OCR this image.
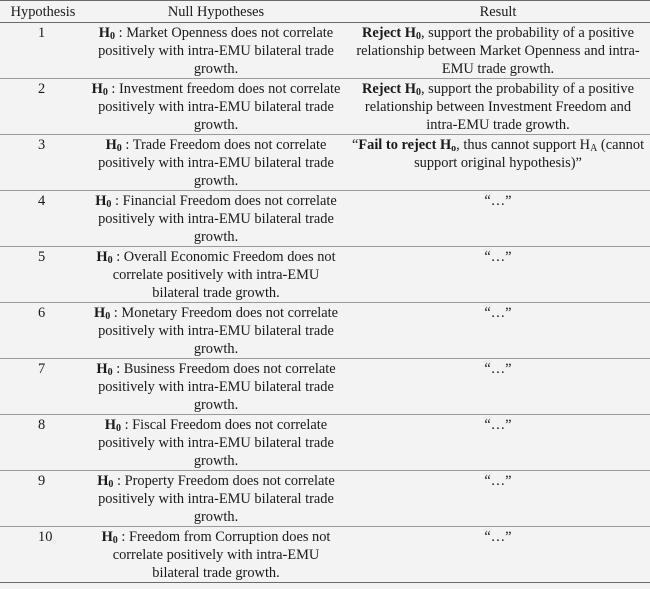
Hypothesis	Null Hypotheses	Result
1	$H_0$ : Market Openness does not correlate positively with intra-EMU bilateral trade growth.	Reject $H_0$, support the probability of a positive relationship between Market Openness and intra-EMU trade growth.
2	$H_0$ : Investment freedom does not correlate positively with intra-EMU bilateral trade growth.	Reject $H_0$, support the probability of a positive relationship between Investment Freedom and intra-EMU trade growth.
3	$H_0$ : Trade Freedom does not correlate positively with intra-EMU bilateral trade growth.	“Fail to reject $H_o$, thus cannot support $H_A$ (cannot support original hypothesis)”
4	$H_0$ : Financial Freedom does not correlate positively with intra-EMU bilateral trade growth.	“…”
5	$H_0$ : Overall Economic Freedom does not correlate positively with intra-EMU bilateral trade growth.	“…”
6	$H_0$ : Monetary Freedom does not correlate positively with intra-EMU bilateral trade growth.	“…”
7	$H_0$ : Business Freedom does not correlate positively with intra-EMU bilateral trade growth.	“…”
8	$H_0$ : Fiscal Freedom does not correlate positively with intra-EMU bilateral trade growth.	“…”
9	$H_0$ : Property Freedom does not correlate positively with intra-EMU bilateral trade growth.	“…”
10	$H_0$ : Freedom from Corruption does not correlate positively with intra-EMU bilateral trade growth.	“…”
